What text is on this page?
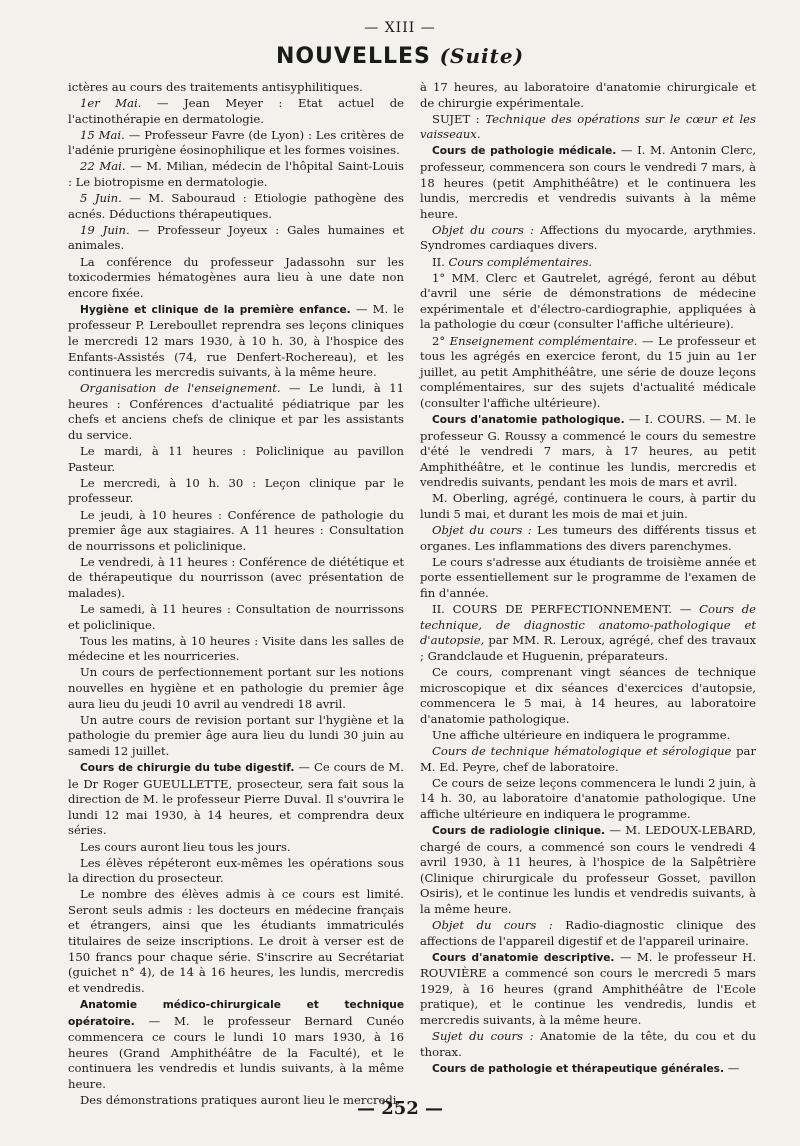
— XIII —
NOUVELLES (Suite)

ictères au cours des traitements antisyphilitiques.

1er Mai. — Jean Meyer : Etat actuel de l'actinothérapie en dermatologie.

15 Mai. — Professeur Favre (de Lyon) : Les critères de l'adénie prurigène éosinophilique et les formes voisines.

22 Mai. — M. Milian, médecin de l'hôpital Saint-Louis : Le biotropisme en dermatologie.

5 Juin. — M. Sabouraud : Etiologie pathogène des acnés. Déductions thérapeutiques.

19 Juin. — Professeur Joyeux : Gales humaines et animales.

La conférence du professeur Jadassohn sur les toxicodermies hématogènes aura lieu à une date non encore fixée.

Hygiène et clinique de la première enfance. — M. le professeur P. Lereboullet reprendra ses leçons cliniques le mercredi 12 mars 1930, à 10 h. 30, à l'hospice des Enfants-Assistés (74, rue Denfert-Rochereau), et les continuera les mercredis suivants, à la même heure.

Organisation de l'enseignement. — Le lundi, à 11 heures : Conférences d'actualité pédiatrique par les chefs et anciens chefs de clinique et par les assistants du service.

Le mardi, à 11 heures : Policlinique au pavillon Pasteur.

Le mercredi, à 10 h. 30 : Leçon clinique par le professeur.

Le jeudi, à 10 heures : Conférence de pathologie du premier âge aux stagiaires. A 11 heures : Consultation de nourrissons et policlinique.

Le vendredi, à 11 heures : Conférence de diététique et de thérapeutique du nourrisson (avec présentation de malades).

Le samedi, à 11 heures : Consultation de nourrissons et policlinique.

Tous les matins, à 10 heures : Visite dans les salles de médecine et les nourriceries.

Un cours de perfectionnement portant sur les notions nouvelles en hygiène et en pathologie du premier âge aura lieu du jeudi 10 avril au vendredi 18 avril.

Un autre cours de revision portant sur l'hygiène et la pathologie du premier âge aura lieu du lundi 30 juin au samedi 12 juillet.

Cours de chirurgie du tube digestif. — Ce cours de M. le Dr Roger GUEULLETTE, prosecteur, sera fait sous la direction de M. le professeur Pierre Duval. Il s'ouvrira le lundi 12 mai 1930, à 14 heures, et comprendra deux séries.

Les cours auront lieu tous les jours.

Les élèves répéteront eux-mêmes les opérations sous la direction du prosecteur.

Le nombre des élèves admis à ce cours est limité. Seront seuls admis : les docteurs en médecine français et étrangers, ainsi que les étudiants immatriculés titulaires de seize inscriptions. Le droit à verser est de 150 francs pour chaque série. S'inscrire au Secrétariat (guichet n° 4), de 14 à 16 heures, les lundis, mercredis et vendredis.

Anatomie médico-chirurgicale et technique opératoire. — M. le professeur Bernard Cunéo commencera ce cours le lundi 10 mars 1930, à 16 heures (Grand Amphithéâtre de la Faculté), et le continuera les vendredis et lundis suivants, à la même heure.

Des démonstrations pratiques auront lieu le mercredi,

à 17 heures, au laboratoire d'anatomie chirurgicale et de chirurgie expérimentale.

SUJET : Technique des opérations sur le cœur et les vaisseaux.

Cours de pathologie médicale. — I. M. Antonin Clerc, professeur, commencera son cours le vendredi 7 mars, à 18 heures (petit Amphithéâtre) et le continuera les lundis, mercredis et vendredis suivants à la même heure.

Objet du cours : Affections du myocarde, arythmies. Syndromes cardiaques divers.

II. Cours complémentaires.

1° MM. Clerc et Gautrelet, agrégé, feront au début d'avril une série de démonstrations de médecine expérimentale et d'électro-cardiographie, appliquées à la pathologie du cœur (consulter l'affiche ultérieure).

2° Enseignement complémentaire. — Le professeur et tous les agrégés en exercice feront, du 15 juin au 1er juillet, au petit Amphithéâtre, une série de douze leçons complémentaires, sur des sujets d'actualité médicale (consulter l'affiche ultérieure).

Cours d'anatomie pathologique. — I. COURS. — M. le professeur G. Roussy a commencé le cours du semestre d'été le vendredi 7 mars, à 17 heures, au petit Amphithéâtre, et le continue les lundis, mercredis et vendredis suivants, pendant les mois de mars et avril.

M. Oberling, agrégé, continuera le cours, à partir du lundi 5 mai, et durant les mois de mai et juin.

Objet du cours : Les tumeurs des différents tissus et organes. Les inflammations des divers parenchymes.

Le cours s'adresse aux étudiants de troisième année et porte essentiellement sur le programme de l'examen de fin d'année.

II. COURS DE PERFECTIONNEMENT. — Cours de technique, de diagnostic anatomo-pathologique et d'autopsie, par MM. R. Leroux, agrégé, chef des travaux ; Grandclaude et Huguenin, préparateurs.

Ce cours, comprenant vingt séances de technique microscopique et dix séances d'exercices d'autopsie, commencera le 5 mai, à 14 heures, au laboratoire d'anatomie pathologique.

Une affiche ultérieure en indiquera le programme.

Cours de technique hématologique et sérologique par M. Ed. Peyre, chef de laboratoire.

Ce cours de seize leçons commencera le lundi 2 juin, à 14 h. 30, au laboratoire d'anatomie pathologique. Une affiche ultérieure en indiquera le programme.

Cours de radiologie clinique. — M. LEDOUX-LEBARD, chargé de cours, a commencé son cours le vendredi 4 avril 1930, à 11 heures, à l'hospice de la Salpêtrière (Clinique chirurgicale du professeur Gosset, pavillon Osiris), et le continue les lundis et vendredis suivants, à la même heure.

Objet du cours : Radio-diagnostic clinique des affections de l'appareil digestif et de l'appareil urinaire.

Cours d'anatomie descriptive. — M. le professeur H. ROUVIÈRE a commencé son cours le mercredi 5 mars 1929, à 16 heures (grand Amphithéâtre de l'Ecole pratique), et le continue les vendredis, lundis et mercredis suivants, à la même heure.

Sujet du cours : Anatomie de la tête, du cou et du thorax.

Cours de pathologie et thérapeutique générales. —

— 252 —
